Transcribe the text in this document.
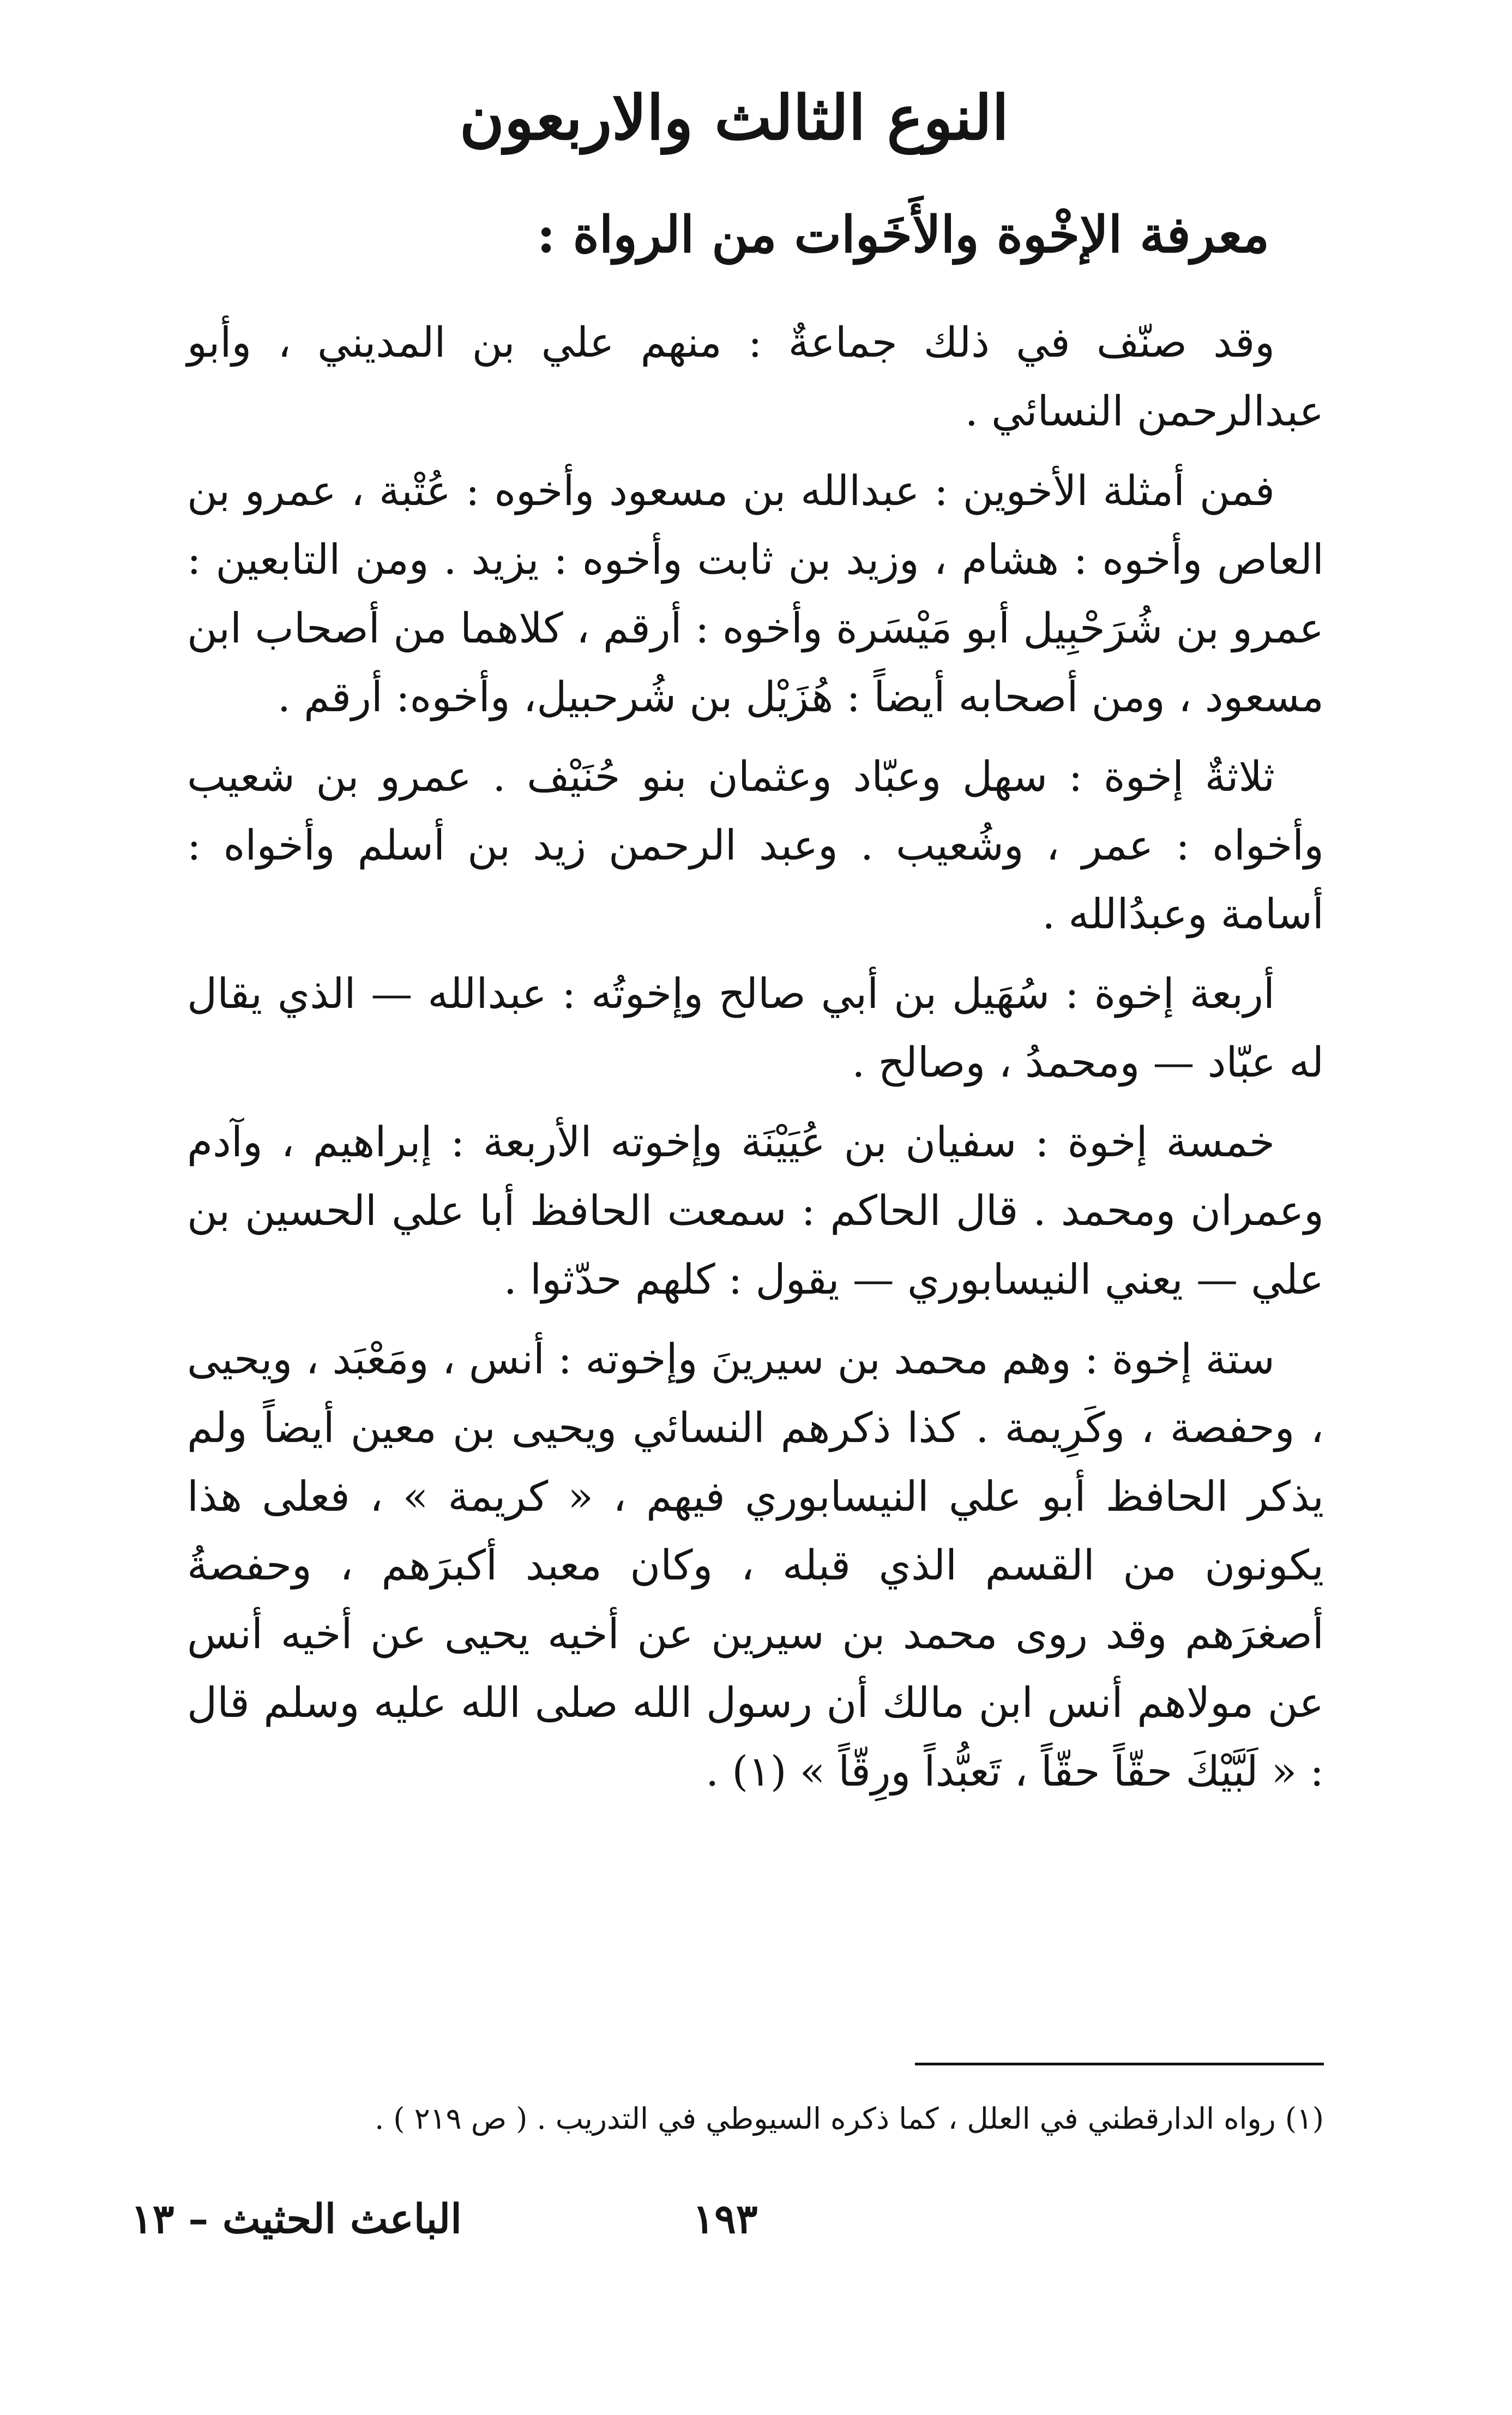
النوع الثالث والاربعون
معرفة الإخْوة والأَخَوات من الرواة :

وقد صنّف في ذلك جماعةٌ : منهم علي بن المديني ، وأبو عبدالرحمن النسائي .

فمن أمثلة الأخوين : عبدالله بن مسعود وأخوه : عُتْبة ، عمرو بن العاص وأخوه : هشام ، وزيد بن ثابت وأخوه : يزيد . ومن التابعين : عمرو بن شُرَحْبِيل أبو مَيْسَرة وأخوه : أرقم ، كلاهما من أصحاب ابن مسعود ، ومن أصحابه أيضاً : هُزَيْل بن شُرحبيل، وأخوه: أرقم .

ثلاثةٌ إخوة : سهل وعبّاد وعثمان بنو حُنَيْف . عمرو بن شعيب وأخواه : عمر ، وشُعيب . وعبد الرحمن زيد بن أسلم وأخواه : أسامة وعبدُالله .

أربعة إخوة : سُهَيل بن أبي صالح وإخوتُه : عبدالله — الذي يقال له عبّاد — ومحمدُ ، وصالح .

خمسة إخوة : سفيان بن عُيَيْنَة وإخوته الأربعة : إبراهيم ، وآدم وعمران ومحمد . قال الحاكم : سمعت الحافظ أبا علي الحسين بن علي — يعني النيسابوري — يقول : كلهم حدّثوا .

ستة إخوة : وهم محمد بن سيرينَ وإخوته : أنس ، ومَعْبَد ، ويحيى ، وحفصة ، وكَرِيمة . كذا ذكرهم النسائي ويحيى بن معين أيضاً ولم يذكر الحافظ أبو علي النيسابوري فيهم ، « كريمة » ، فعلى هذا يكونون من القسم الذي قبله ، وكان معبد أكبرَهم ، وحفصةُ أصغرَهم وقد روى محمد بن سيرين عن أخيه يحيى عن أخيه أنس عن مولاهم أنس ابن مالك أن رسول الله صلى الله عليه وسلم قال : « لَبَّيْكَ حقّاً حقّاً ، تَعبُّداً ورِقّاً » (١) .

(١) رواه الدارقطني في العلل ، كما ذكره السيوطي في التدريب . ( ص ٢١٩ ) .
١٩٣
الباعث الحثيث – ١٣
